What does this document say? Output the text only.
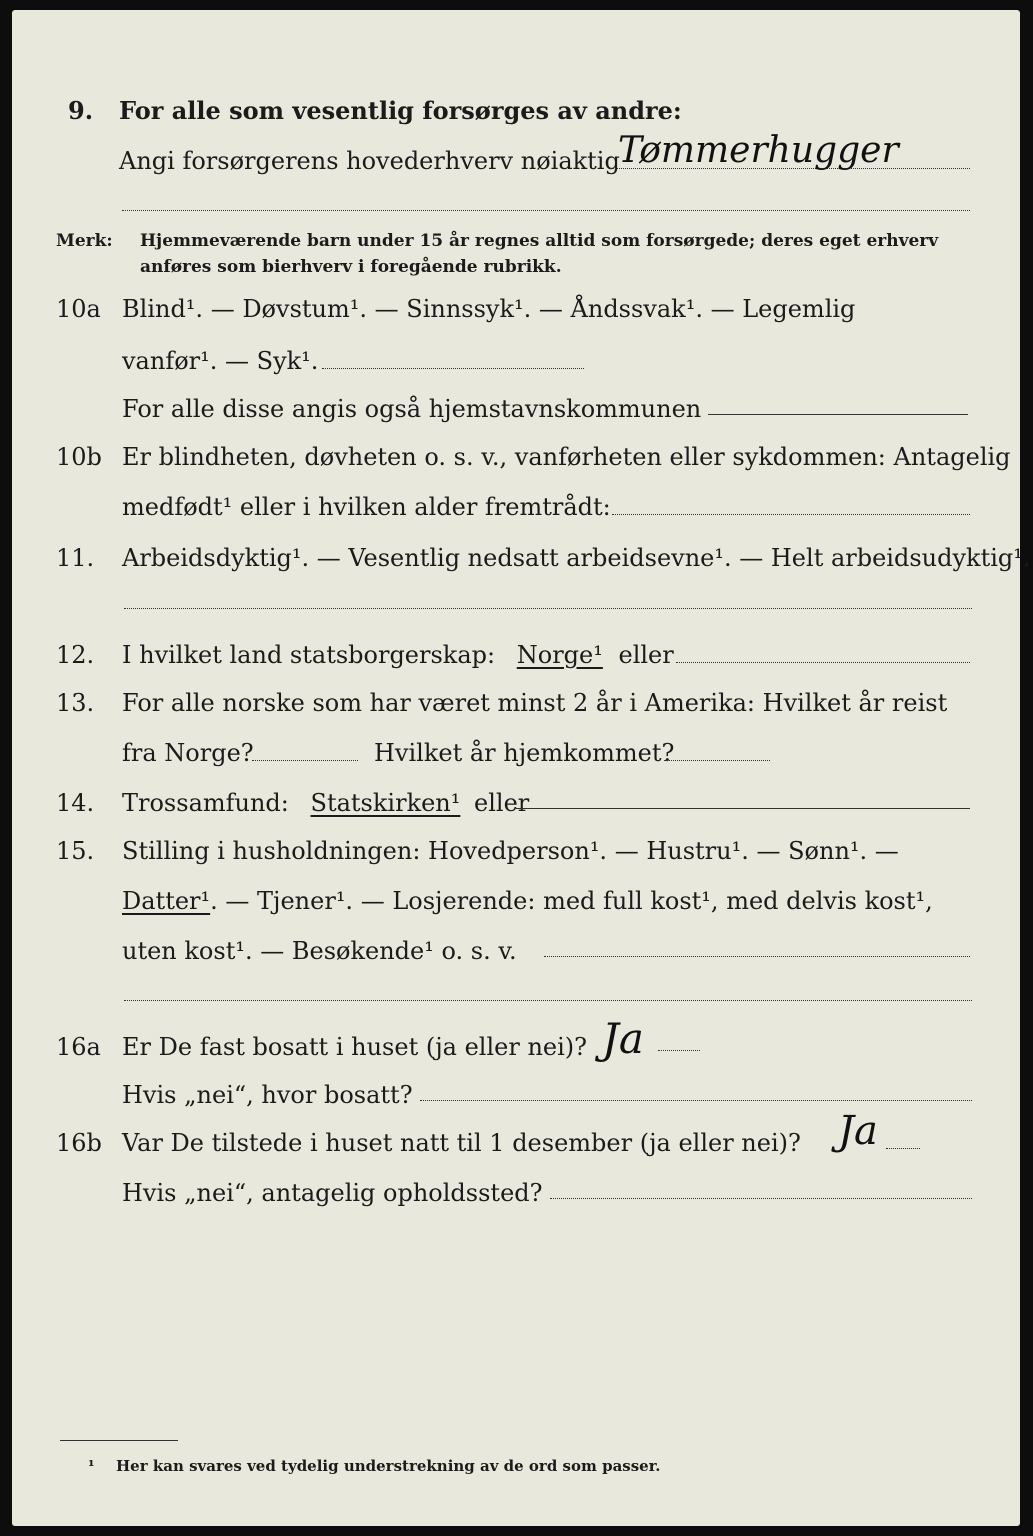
9. For alle som vesentlig forsørges av andre:
Angi forsørgerens hovederhverv nøiaktig
Tømmerhugger
Merk: Hjemmeværende barn under 15 år regnes alltid som forsørgede; deres eget erhverv
anføres som bierhverv i foregående rubrikk.
10a Blind¹. — Døvstum¹. — Sinnssyk¹. — Åndssvak¹. — Legemlig
vanfør¹. — Syk¹.
For alle disse angis også hjemstavnskommunen
10b Er blindheten, døvheten o. s. v., vanførheten eller sykdommen: Antagelig
medfødt¹ eller i hvilken alder fremtrådt:
11. Arbeidsdyktig¹. — Vesentlig nedsatt arbeidsevne¹. — Helt arbeidsudyktig¹.
12. I hvilket land statsborgerskap: Norge¹ eller
13. For alle norske som har været minst 2 år i Amerika: Hvilket år reist
fra Norge?	Hvilket år hjemkommet?
14. Trossamfund: Statskirken¹ eller
15. Stilling i husholdningen: Hovedperson¹. — Hustru¹. — Sønn¹. —
Datter¹. — Tjener¹. — Losjerende: med full kost¹, med delvis kost¹,
uten kost¹. — Besøkende¹ o. s. v.
16a Er De fast bosatt i huset (ja eller nei)? Ja
Hvis „nei“, hvor bosatt?
16b Var De tilstede i huset natt til 1 desember (ja eller nei)? Ja
Hvis „nei“, antagelig opholdssted?
¹ Her kan svares ved tydelig understrekning av de ord som passer.
